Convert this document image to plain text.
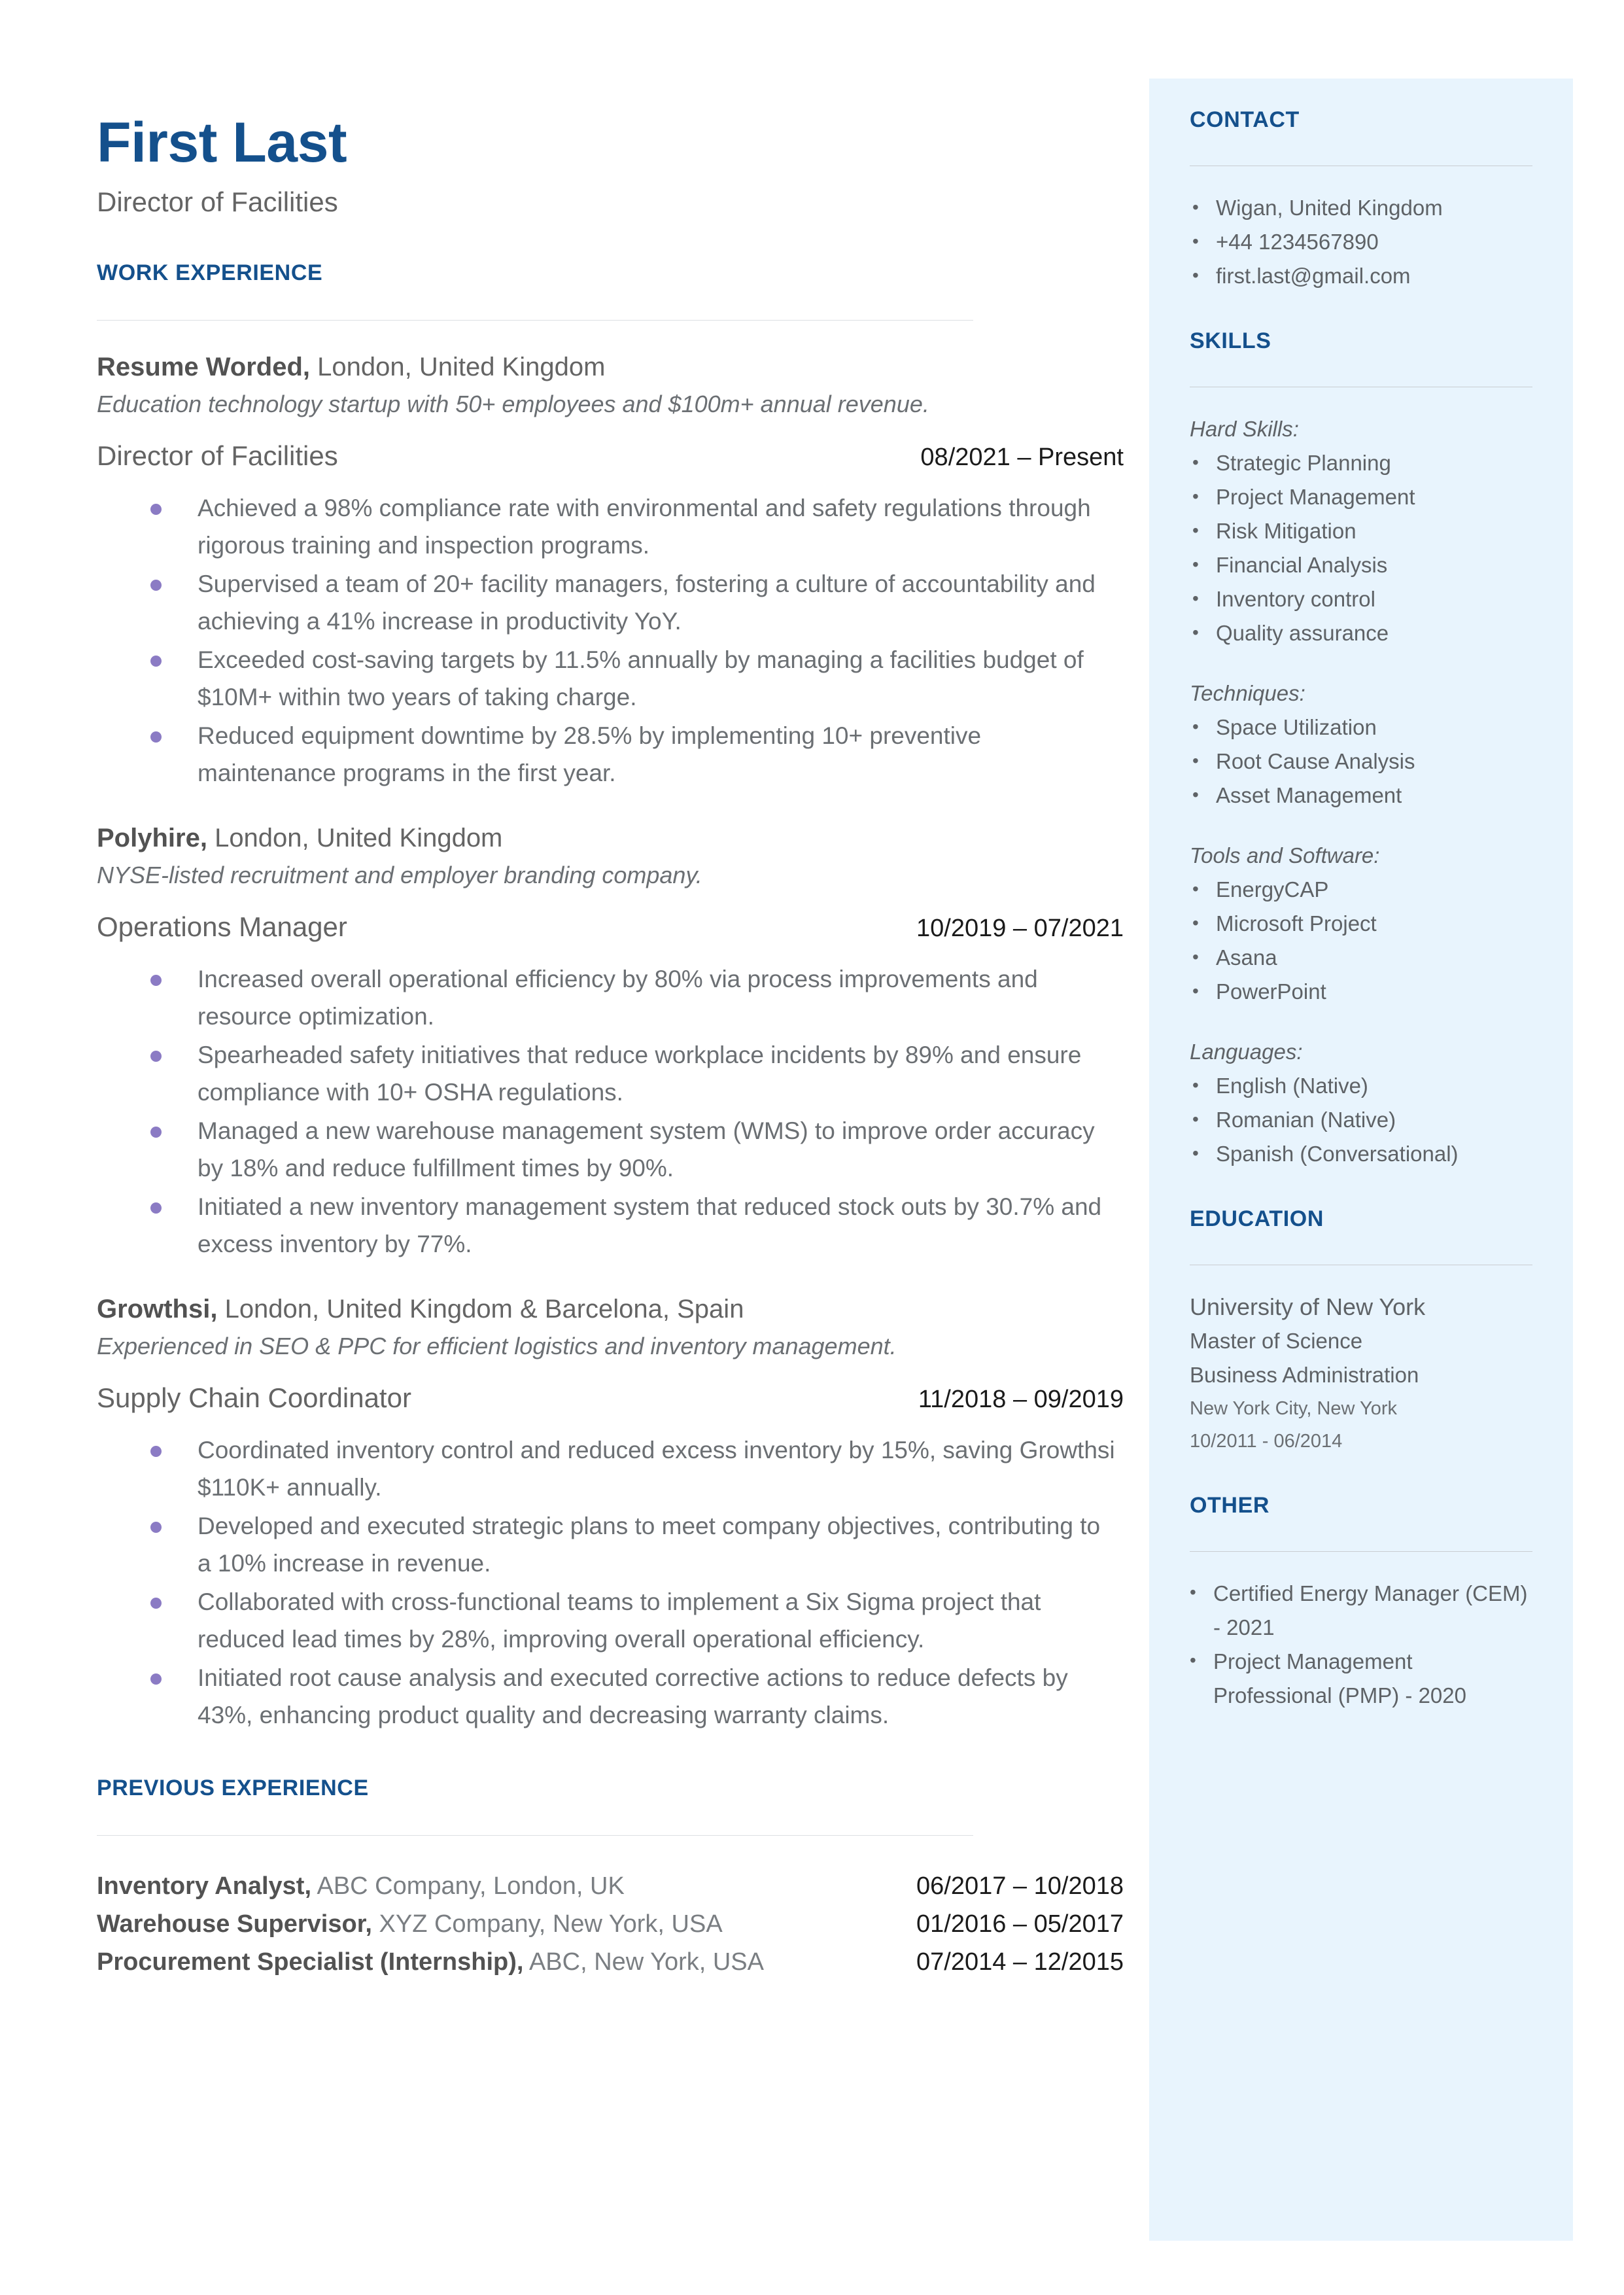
First Last
Director of Facilities
WORK EXPERIENCE
Resume Worded, London, United Kingdom
Education technology startup with 50+ employees and $100m+ annual revenue.
Director of Facilities	08/2021 – Present
Achieved a 98% compliance rate with environmental and safety regulations through rigorous training and inspection programs.
Supervised a team of 20+ facility managers, fostering a culture of accountability and achieving a 41% increase in productivity YoY.
Exceeded cost-saving targets by 11.5% annually by managing a facilities budget of $10M+ within two years of taking charge.
Reduced equipment downtime by 28.5% by implementing 10+ preventive maintenance programs in the first year.
Polyhire, London, United Kingdom
NYSE-listed recruitment and employer branding company.
Operations Manager	10/2019 – 07/2021
Increased overall operational efficiency by 80% via process improvements and resource optimization.
Spearheaded safety initiatives that reduce workplace incidents by 89% and ensure compliance with 10+ OSHA regulations.
Managed a new warehouse management system (WMS) to improve order accuracy by 18% and reduce fulfillment times by 90%.
Initiated a new inventory management system that reduced stock outs by 30.7% and excess inventory by 77%.
Growthsi, London, United Kingdom & Barcelona, Spain
Experienced in SEO & PPC for efficient logistics and inventory management.
Supply Chain Coordinator	11/2018 – 09/2019
Coordinated inventory control and reduced excess inventory by 15%, saving Growthsi $110K+ annually.
Developed and executed strategic plans to meet company objectives, contributing to a 10% increase in revenue.
Collaborated with cross-functional teams to implement a Six Sigma project that reduced lead times by 28%, improving overall operational efficiency.
Initiated root cause analysis and executed corrective actions to reduce defects by 43%, enhancing product quality and decreasing warranty claims.
PREVIOUS EXPERIENCE
Inventory Analyst, ABC Company, London, UK	06/2017 – 10/2018
Warehouse Supervisor, XYZ Company, New York, USA	01/2016 – 05/2017
Procurement Specialist (Internship), ABC, New York, USA	07/2014 – 12/2015
CONTACT
• Wigan, United Kingdom
• +44 1234567890
• first.last@gmail.com
SKILLS
Hard Skills:
• Strategic Planning
• Project Management
• Risk Mitigation
• Financial Analysis
• Inventory control
• Quality assurance
Techniques:
• Space Utilization
• Root Cause Analysis
• Asset Management
Tools and Software:
• EnergyCAP
• Microsoft Project
• Asana
• PowerPoint
Languages:
• English (Native)
• Romanian (Native)
• Spanish (Conversational)
EDUCATION
University of New York
Master of Science
Business Administration
New York City, New York
10/2011 - 06/2014
OTHER
• Certified Energy Manager (CEM) - 2021
• Project Management Professional (PMP) - 2020
